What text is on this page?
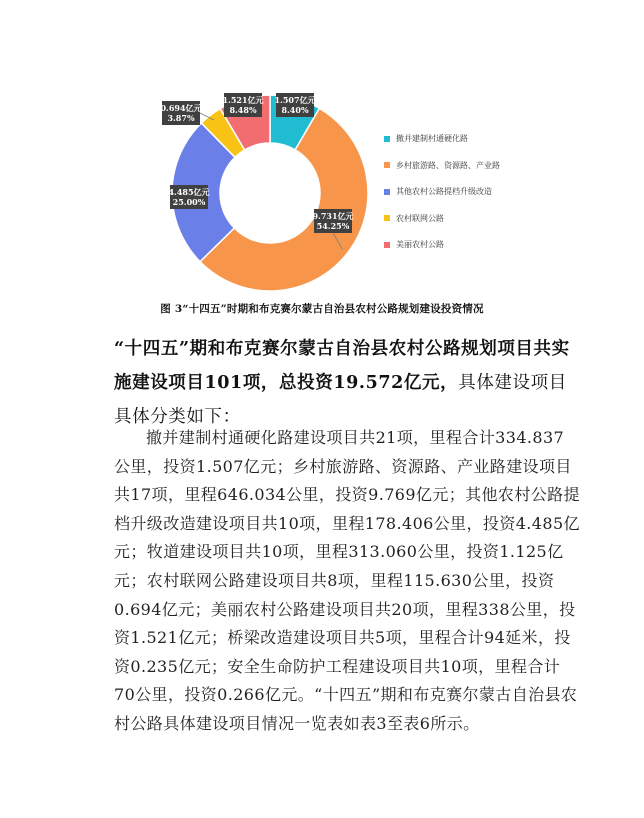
1.507亿元
8.40%
9.731亿元
54.25%
4.485亿元
25.00%
0.694亿元
3.87%
1.521亿元
8.48%
撤并建制村通硬化路
乡村旅游路、资源路、产业路
其他农村公路提档升级改造
农村联网公路
美丽农村公路
图 3“十四五”时期和布克赛尔蒙古自治县农村公路规划建设投资情况

“十四五”期和布克赛尔蒙古自治县农村公路规划项目共实施建设项目101项，总投资19.572亿元，具体建设项目具体分类如下：

撤并建制村通硬化路建设项目共21项，里程合计334.837公里，投资1.507亿元；乡村旅游路、资源路、产业路建设项目共17项，里程646.034公里，投资9.769亿元；其他农村公路提档升级改造建设项目共10项，里程178.406公里，投资4.485亿元；牧道建设项目共10项，里程313.060公里，投资1.125亿元；农村联网公路建设项目共8项，里程115.630公里，投资0.694亿元；美丽农村公路建设项目共20项，里程338公里，投资1.521亿元；桥梁改造建设项目共5项，里程合计94延米，投资0.235亿元；安全生命防护工程建设项目共10项，里程合计70公里，投资0.266亿元。“十四五”期和布克赛尔蒙古自治县农村公路具体建设项目情况一览表如表3至表6所示。
